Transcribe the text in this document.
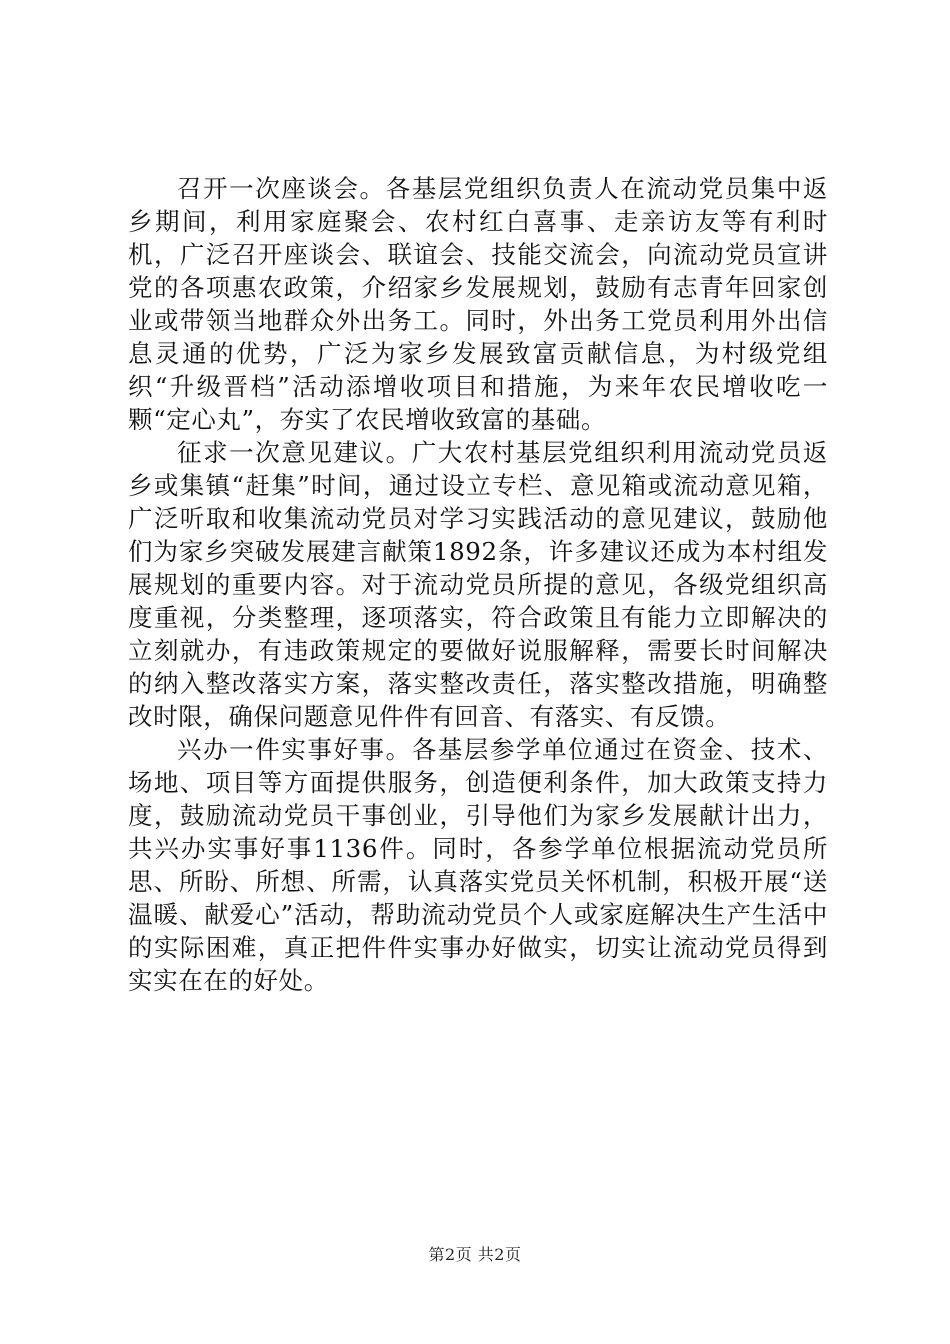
召开一次座谈会。各基层党组织负责人在流动党员集中返乡期间，利用家庭聚会、农村红白喜事、走亲访友等有利时机，广泛召开座谈会、联谊会、技能交流会，向流动党员宣讲党的各项惠农政策，介绍家乡发展规划，鼓励有志青年回家创业或带领当地群众外出务工。同时，外出务工党员利用外出信息灵通的优势，广泛为家乡发展致富贡献信息，为村级党组织“升级晋档”活动添增收项目和措施，为来年农民增收吃一颗“定心丸”，夯实了农民增收致富的基础。

征求一次意见建议。广大农村基层党组织利用流动党员返乡或集镇“赶集”时间，通过设立专栏、意见箱或流动意见箱，广泛听取和收集流动党员对学习实践活动的意见建议，鼓励他们为家乡突破发展建言献策1892条，许多建议还成为本村组发展规划的重要内容。对于流动党员所提的意见，各级党组织高度重视，分类整理，逐项落实，符合政策且有能力立即解决的立刻就办，有违政策规定的要做好说服解释，需要长时间解决的纳入整改落实方案，落实整改责任，落实整改措施，明确整改时限，确保问题意见件件有回音、有落实、有反馈。

兴办一件实事好事。各基层参学单位通过在资金、技术、场地、项目等方面提供服务，创造便利条件，加大政策支持力度，鼓励流动党员干事创业，引导他们为家乡发展献计出力，共兴办实事好事1136件。同时，各参学单位根据流动党员所思、所盼、所想、所需，认真落实党员关怀机制，积极开展“送温暖、献爱心”活动，帮助流动党员个人或家庭解决生产生活中的实际困难，真正把件件实事办好做实，切实让流动党员得到实实在在的好处。

第2页 共2页
